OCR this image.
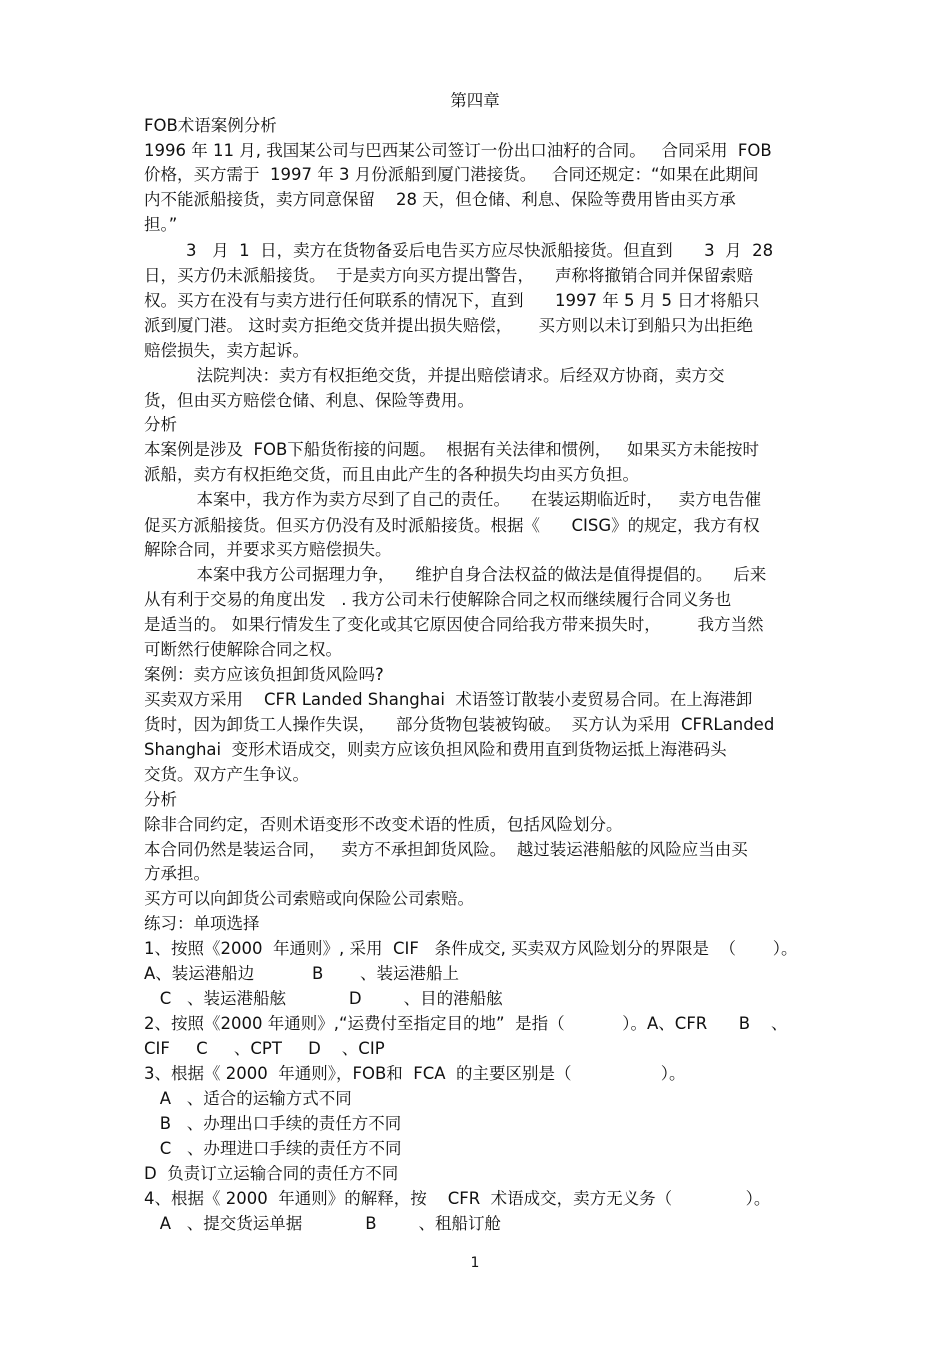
第四章
FOB术语案例分析
1996 年 11 月, 我国某公司与巴西某公司签订一份出口油籽的合同。   合同采用  FOB
价格，买方需于  1997 年 3 月份派船到厦门港接货。   合同还规定：“如果在此期间
内不能派船接货，卖方同意保留    28 天，但仓储、利息、保险等费用皆由买方承
担。”
3   月  1  日，卖方在货物备妥后电告买方应尽快派船接货。但直到      3  月  28
日，买方仍未派船接货。  于是卖方向买方提出警告，    声称将撤销合同并保留索赔
权。买方在没有与卖方进行任何联系的情况下，直到      1997 年 5 月 5 日才将船只
派到厦门港。 这时卖方拒绝交货并提出损失赔偿，     买方则以未订到船只为出拒绝
赔偿损失，卖方起诉。
法院判决：卖方有权拒绝交货，并提出赔偿请求。后经双方协商，卖方交
货，但由买方赔偿仓储、利息、保险等费用。
分析
本案例是涉及  FOB下船货衔接的问题。  根据有关法律和惯例，   如果买方未能按时
派船，卖方有权拒绝交货，而且由此产生的各种损失均由买方负担。
本案中，我方作为卖方尽到了自己的责任。    在装运期临近时，   卖方电告催
促买方派船接货。但买方仍没有及时派船接货。根据《      CISG》的规定，我方有权
解除合同，并要求买方赔偿损失。
本案中我方公司据理力争，    维护自身合法权益的做法是值得提倡的。    后来
从有利于交易的角度出发   . 我方公司未行使解除合同之权而继续履行合同义务也
是适当的。 如果行情发生了变化或其它原因使合同给我方带来损失时，       我方当然
可断然行使解除合同之权。
案例：卖方应该负担卸货风险吗?
买卖双方采用    CFR Landed Shanghai  术语签订散装小麦贸易合同。在上海港卸
货时，因为卸货工人操作失误，    部分货物包装被钩破。  买方认为采用  CFRLanded
Shanghai  变形术语成交，则卖方应该负担风险和费用直到货物运抵上海港码头
交货。双方产生争议。
分析
除非合同约定，否则术语变形不改变术语的性质，包括风险划分。
本合同仍然是装运合同，   卖方不承担卸货风险。  越过装运港船舷的风险应当由买
方承担。
买方可以向卸货公司索赔或向保险公司索赔。
练习：单项选择
1、按照《2000  年通则》, 采用  CIF   条件成交, 买卖双方风险划分的界限是  （       ）。
A、装运港船边           B       、装运港船上
C   、装运港船舷            D        、目的港船舷
2、按照《2000 年通则》,“运费付至指定目的地”  是指（           ）。A、CFR      B    、
CIF     C     、CPT     D    、CIP
3、根据《 2000  年通则》，FOB和  FCA  的主要区别是（                 ）。
A   、适合的运输方式不同
B   、办理出口手续的责任方不同
C   、办理进口手续的责任方不同
D  负责订立运输合同的责任方不同
4、根据《 2000  年通则》的解释，按    CFR  术语成交，卖方无义务（              ）。
A   、提交货运单据            B        、租船订舱
1
